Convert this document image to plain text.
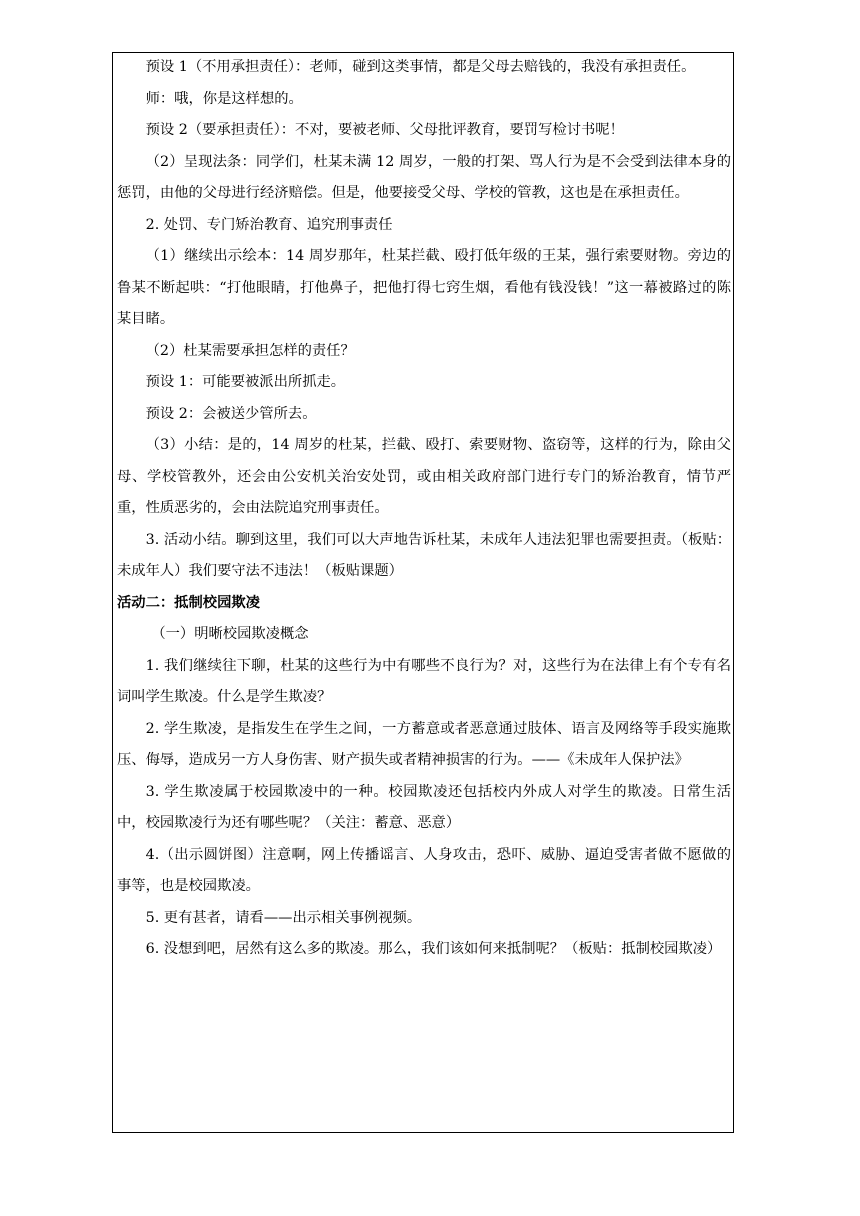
预设 1（不用承担责任）：老师，碰到这类事情，都是父母去赔钱的，我没有承担责任。

师：哦，你是这样想的。

预设 2（要承担责任）：不对，要被老师、父母批评教育，要罚写检讨书呢！

（2）呈现法条：同学们，杜某未满 12 周岁，一般的打架、骂人行为是不会受到法律本身的惩罚，由他的父母进行经济赔偿。但是，他要接受父母、学校的管教，这也是在承担责任。

2. 处罚、专门矫治教育、追究刑事责任

（1）继续出示绘本：14 周岁那年，杜某拦截、殴打低年级的王某，强行索要财物。旁边的鲁某不断起哄：“打他眼睛，打他鼻子，把他打得七窍生烟，看他有钱没钱！”这一幕被路过的陈某目睹。

（2）杜某需要承担怎样的责任？

预设 1：可能要被派出所抓走。

预设 2：会被送少管所去。

（3）小结：是的，14 周岁的杜某，拦截、殴打、索要财物、盗窃等，这样的行为，除由父母、学校管教外，还会由公安机关治安处罚，或由相关政府部门进行专门的矫治教育，情节严重，性质恶劣的，会由法院追究刑事责任。

3. 活动小结。聊到这里，我们可以大声地告诉杜某，未成年人违法犯罪也需要担责。（板贴：未成年人）我们要守法不违法！（板贴课题）

活动二：抵制校园欺凌

（一）明晰校园欺凌概念

1. 我们继续往下聊，杜某的这些行为中有哪些不良行为？对，这些行为在法律上有个专有名词叫学生欺凌。什么是学生欺凌？

2. 学生欺凌，是指发生在学生之间，一方蓄意或者恶意通过肢体、语言及网络等手段实施欺压、侮辱，造成另一方人身伤害、财产损失或者精神损害的行为。——《未成年人保护法》

3. 学生欺凌属于校园欺凌中的一种。校园欺凌还包括校内外成人对学生的欺凌。日常生活中，校园欺凌行为还有哪些呢？（关注：蓄意、恶意）

4.（出示圆饼图）注意啊，网上传播谣言、人身攻击，恐吓、威胁、逼迫受害者做不愿做的事等，也是校园欺凌。

5. 更有甚者，请看——出示相关事例视频。

6. 没想到吧，居然有这么多的欺凌。那么，我们该如何来抵制呢？（板贴：抵制校园欺凌）
